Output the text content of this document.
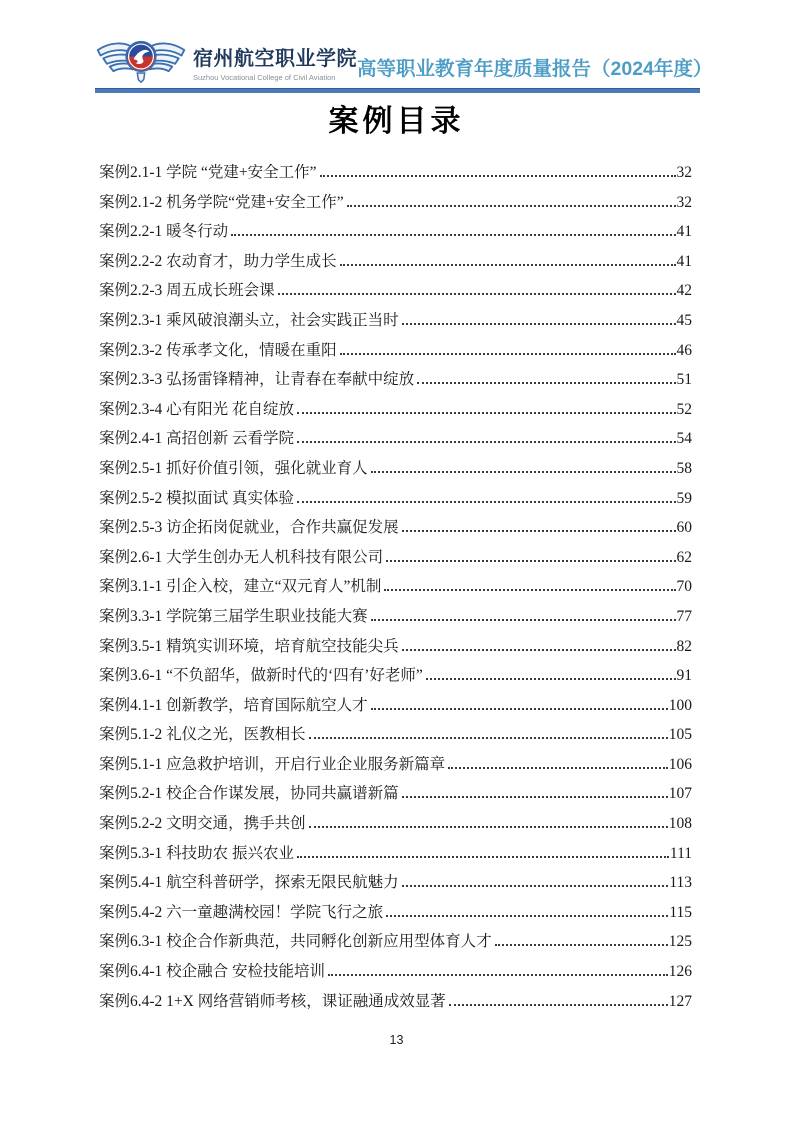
宿州航空职业学院
Suzhou Vocational College of Civil Aviation	高等职业教育年度质量报告（2024年度）
案例目录
案例2.1-1 学院 “党建+安全工作”	32
案例2.1-2 机务学院“党建+安全工作”	32
案例2.2-1 暖冬行动	41
案例2.2-2 农动育才，助力学生成长	41
案例2.2-3 周五成长班会课	42
案例2.3-1 乘风破浪潮头立，社会实践正当时	45
案例2.3-2 传承孝文化，情暖在重阳	46
案例2.3-3 弘扬雷锋精神，让青春在奉献中绽放	51
案例2.3-4 心有阳光 花自绽放	52
案例2.4-1 高招创新 云看学院	54
案例2.5-1 抓好价值引领，强化就业育人	58
案例2.5-2 模拟面试 真实体验	59
案例2.5-3 访企拓岗促就业，合作共赢促发展	60
案例2.6-1 大学生创办无人机科技有限公司	62
案例3.1-1 引企入校，建立“双元育人”机制	70
案例3.3-1 学院第三届学生职业技能大赛	77
案例3.5-1 精筑实训环境，培育航空技能尖兵	82
案例3.6-1 “不负韶华，做新时代的‘四有’好老师”	91
案例4.1-1 创新教学，培育国际航空人才	100
案例5.1-2 礼仪之光，医教相长	105
案例5.1-1 应急救护培训，开启行业企业服务新篇章	106
案例5.2-1 校企合作谋发展，协同共赢谱新篇	107
案例5.2-2 文明交通，携手共创	108
案例5.3-1 科技助农 振兴农业	111
案例5.4-1 航空科普研学，探索无限民航魅力	113
案例5.4-2 六一童趣满校园！学院飞行之旅	115
案例6.3-1 校企合作新典范，共同孵化创新应用型体育人才	125
案例6.4-1 校企融合 安检技能培训	126
案例6.4-2 1+X 网络营销师考核，课证融通成效显著	127
13
